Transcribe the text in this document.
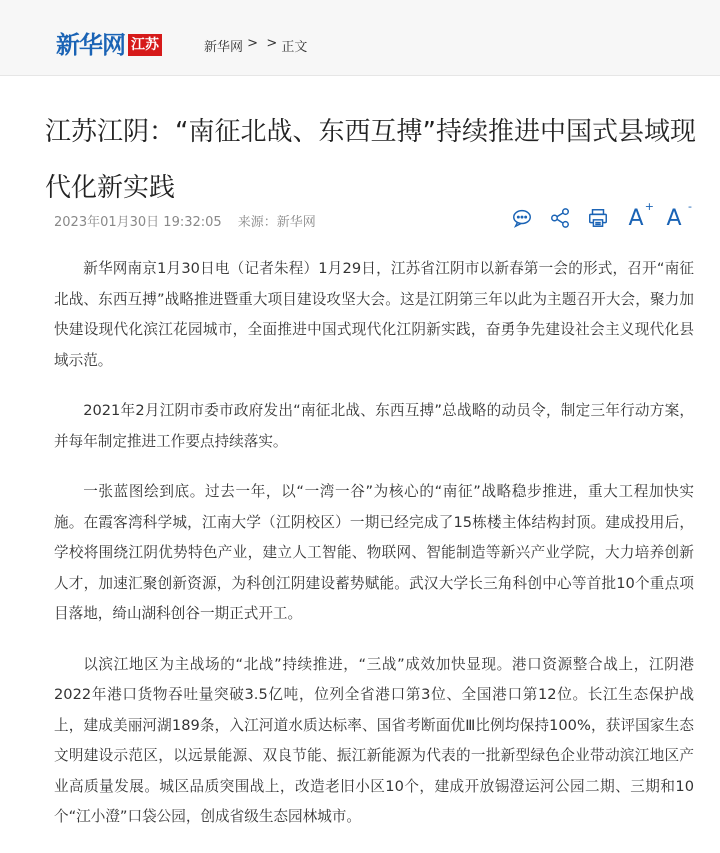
新华网 江苏	新华网 > > 正文
江苏江阴：“南征北战、东西互搏”持续推进中国式县域现代化新实践
2023年01月30日 19:32:05 来源： 新华网	A+ A -

新华网南京1月30日电（记者朱程）1月29日，江苏省江阴市以新春第一会的形式，召开“南征北战、东西互搏”战略推进暨重大项目建设攻坚大会。这是江阴第三年以此为主题召开大会，聚力加快建设现代化滨江花园城市，全面推进中国式现代化江阴新实践，奋勇争先建设社会主义现代化县域示范。

2021年2月江阴市委市政府发出“南征北战、东西互搏”总战略的动员令，制定三年行动方案，并每年制定推进工作要点持续落实。

一张蓝图绘到底。过去一年，以“一湾一谷”为核心的“南征”战略稳步推进，重大工程加快实施。在霞客湾科学城，江南大学（江阴校区）一期已经完成了15栋楼主体结构封顶。建成投用后，学校将围绕江阴优势特色产业，建立人工智能、物联网、智能制造等新兴产业学院，大力培养创新人才，加速汇聚创新资源，为科创江阴建设蓄势赋能。武汉大学长三角科创中心等首批10个重点项目落地，绮山湖科创谷一期正式开工。

以滨江地区为主战场的“北战”持续推进，“三战”成效加快显现。港口资源整合战上，江阴港2022年港口货物吞吐量突破3.5亿吨，位列全省港口第3位、全国港口第12位。长江生态保护战上，建成美丽河湖189条，入江河道水质达标率、国省考断面优Ⅲ比例均保持100%，获评国家生态文明建设示范区，以远景能源、双良节能、振江新能源为代表的一批新型绿色企业带动滨江地区产业高质量发展。城区品质突围战上，改造老旧小区10个，建成开放锡澄运河公园二期、三期和10个“江小澄”口袋公园，创成省级生态园林城市。
